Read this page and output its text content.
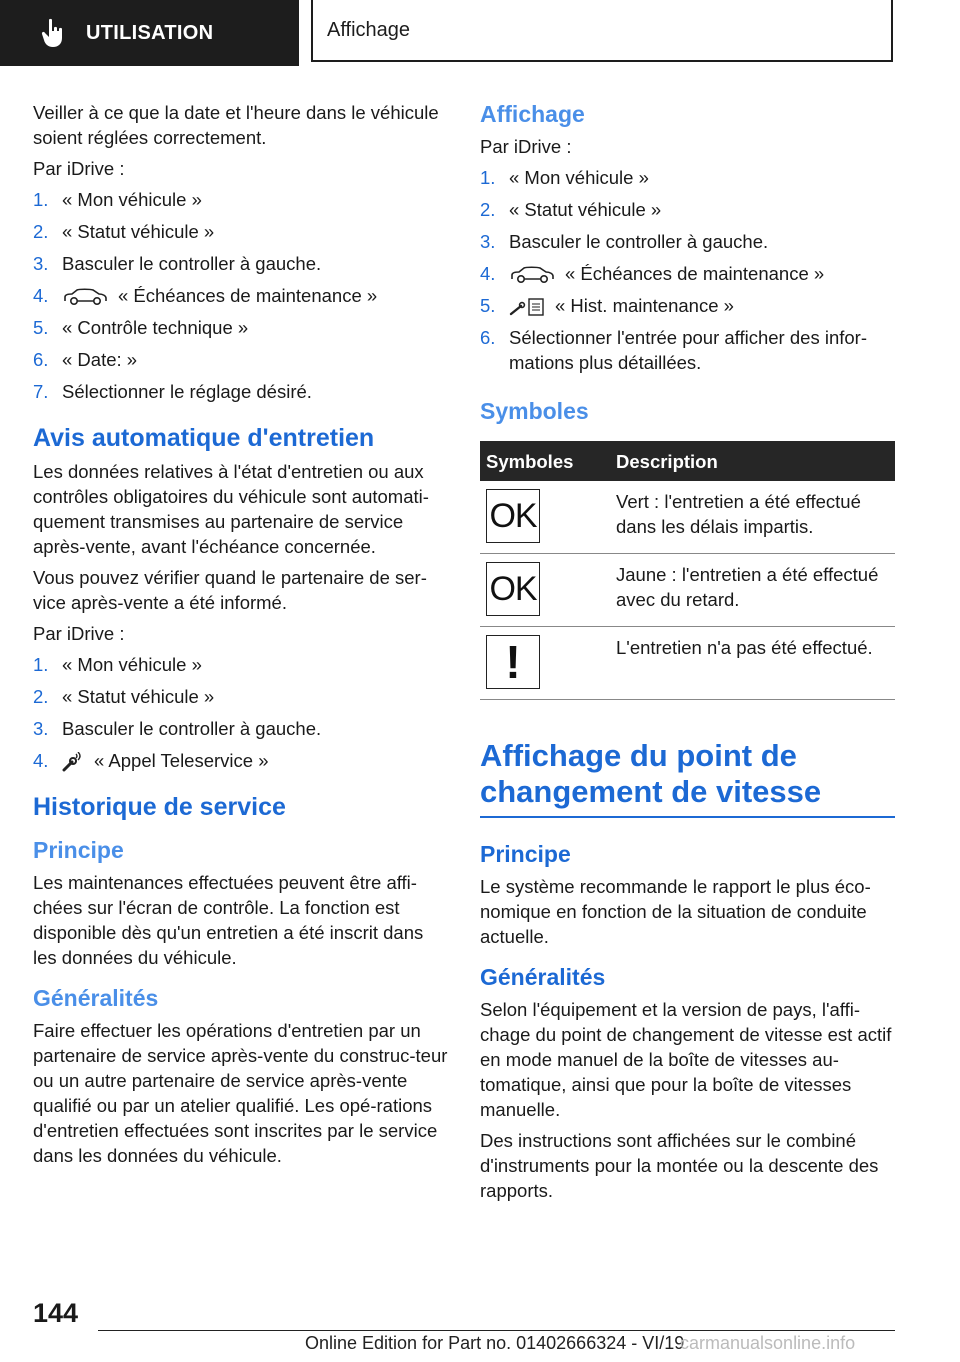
UTILISATION	Affichage

Veiller à ce que la date et l'heure dans le véhicule soient réglées correctement.

Par iDrive :

1. « Mon véhicule »
2. « Statut véhicule »
3. Basculer le controller à gauche.
4.	« Échéances de maintenance »
5. « Contrôle technique »
6. « Date: »
7. Sélectionner le réglage désiré.
Avis automatique d'entretien

Les données relatives à l'état d'entretien ou aux contrôles obligatoires du véhicule sont automati-quement transmises au partenaire de service après-vente, avant l'échéance concernée.

Vous pouvez vérifier quand le partenaire de ser-vice après-vente a été informé.

Par iDrive :

1. « Mon véhicule »
2. « Statut véhicule »
3. Basculer le controller à gauche.
4.	« Appel Teleservice »
Historique de service
Principe

Les maintenances effectuées peuvent être affi-chées sur l'écran de contrôle. La fonction est disponible dès qu'un entretien a été inscrit dans les données du véhicule.

Généralités

Faire effectuer les opérations d'entretien par un partenaire de service après-vente du construc-teur ou un autre partenaire de service après-vente qualifié ou par un atelier qualifié. Les opé-rations d'entretien effectuées sont inscrites par le service dans les données du véhicule.

Affichage

Par iDrive :

1. « Mon véhicule »
2. « Statut véhicule »
3. Basculer le controller à gauche.
4.	« Échéances de maintenance »
5.	« Hist. maintenance »
6. Sélectionner l'entrée pour afficher des infor-mations plus détaillées.
Symboles
Symboles	Description

OK	Vert : l'entretien a été effectué dans les délais impartis.

OK	Jaune : l'entretien a été effectué avec du retard.

!	L'entretien n'a pas été effectué.
Affichage du point de changement de vitesse
Principe

Le système recommande le rapport le plus éco-nomique en fonction de la situation de conduite actuelle.

Généralités

Selon l'équipement et la version de pays, l'affi-chage du point de changement de vitesse est actif en mode manuel de la boîte de vitesses au-tomatique, ainsi que pour la boîte de vitesses manuelle.

Des instructions sont affichées sur le combiné d'instruments pour la montée ou la descente des rapports.

144
Online Edition for Part no. 01402666324 - VI/19
carmanualsonline.info
